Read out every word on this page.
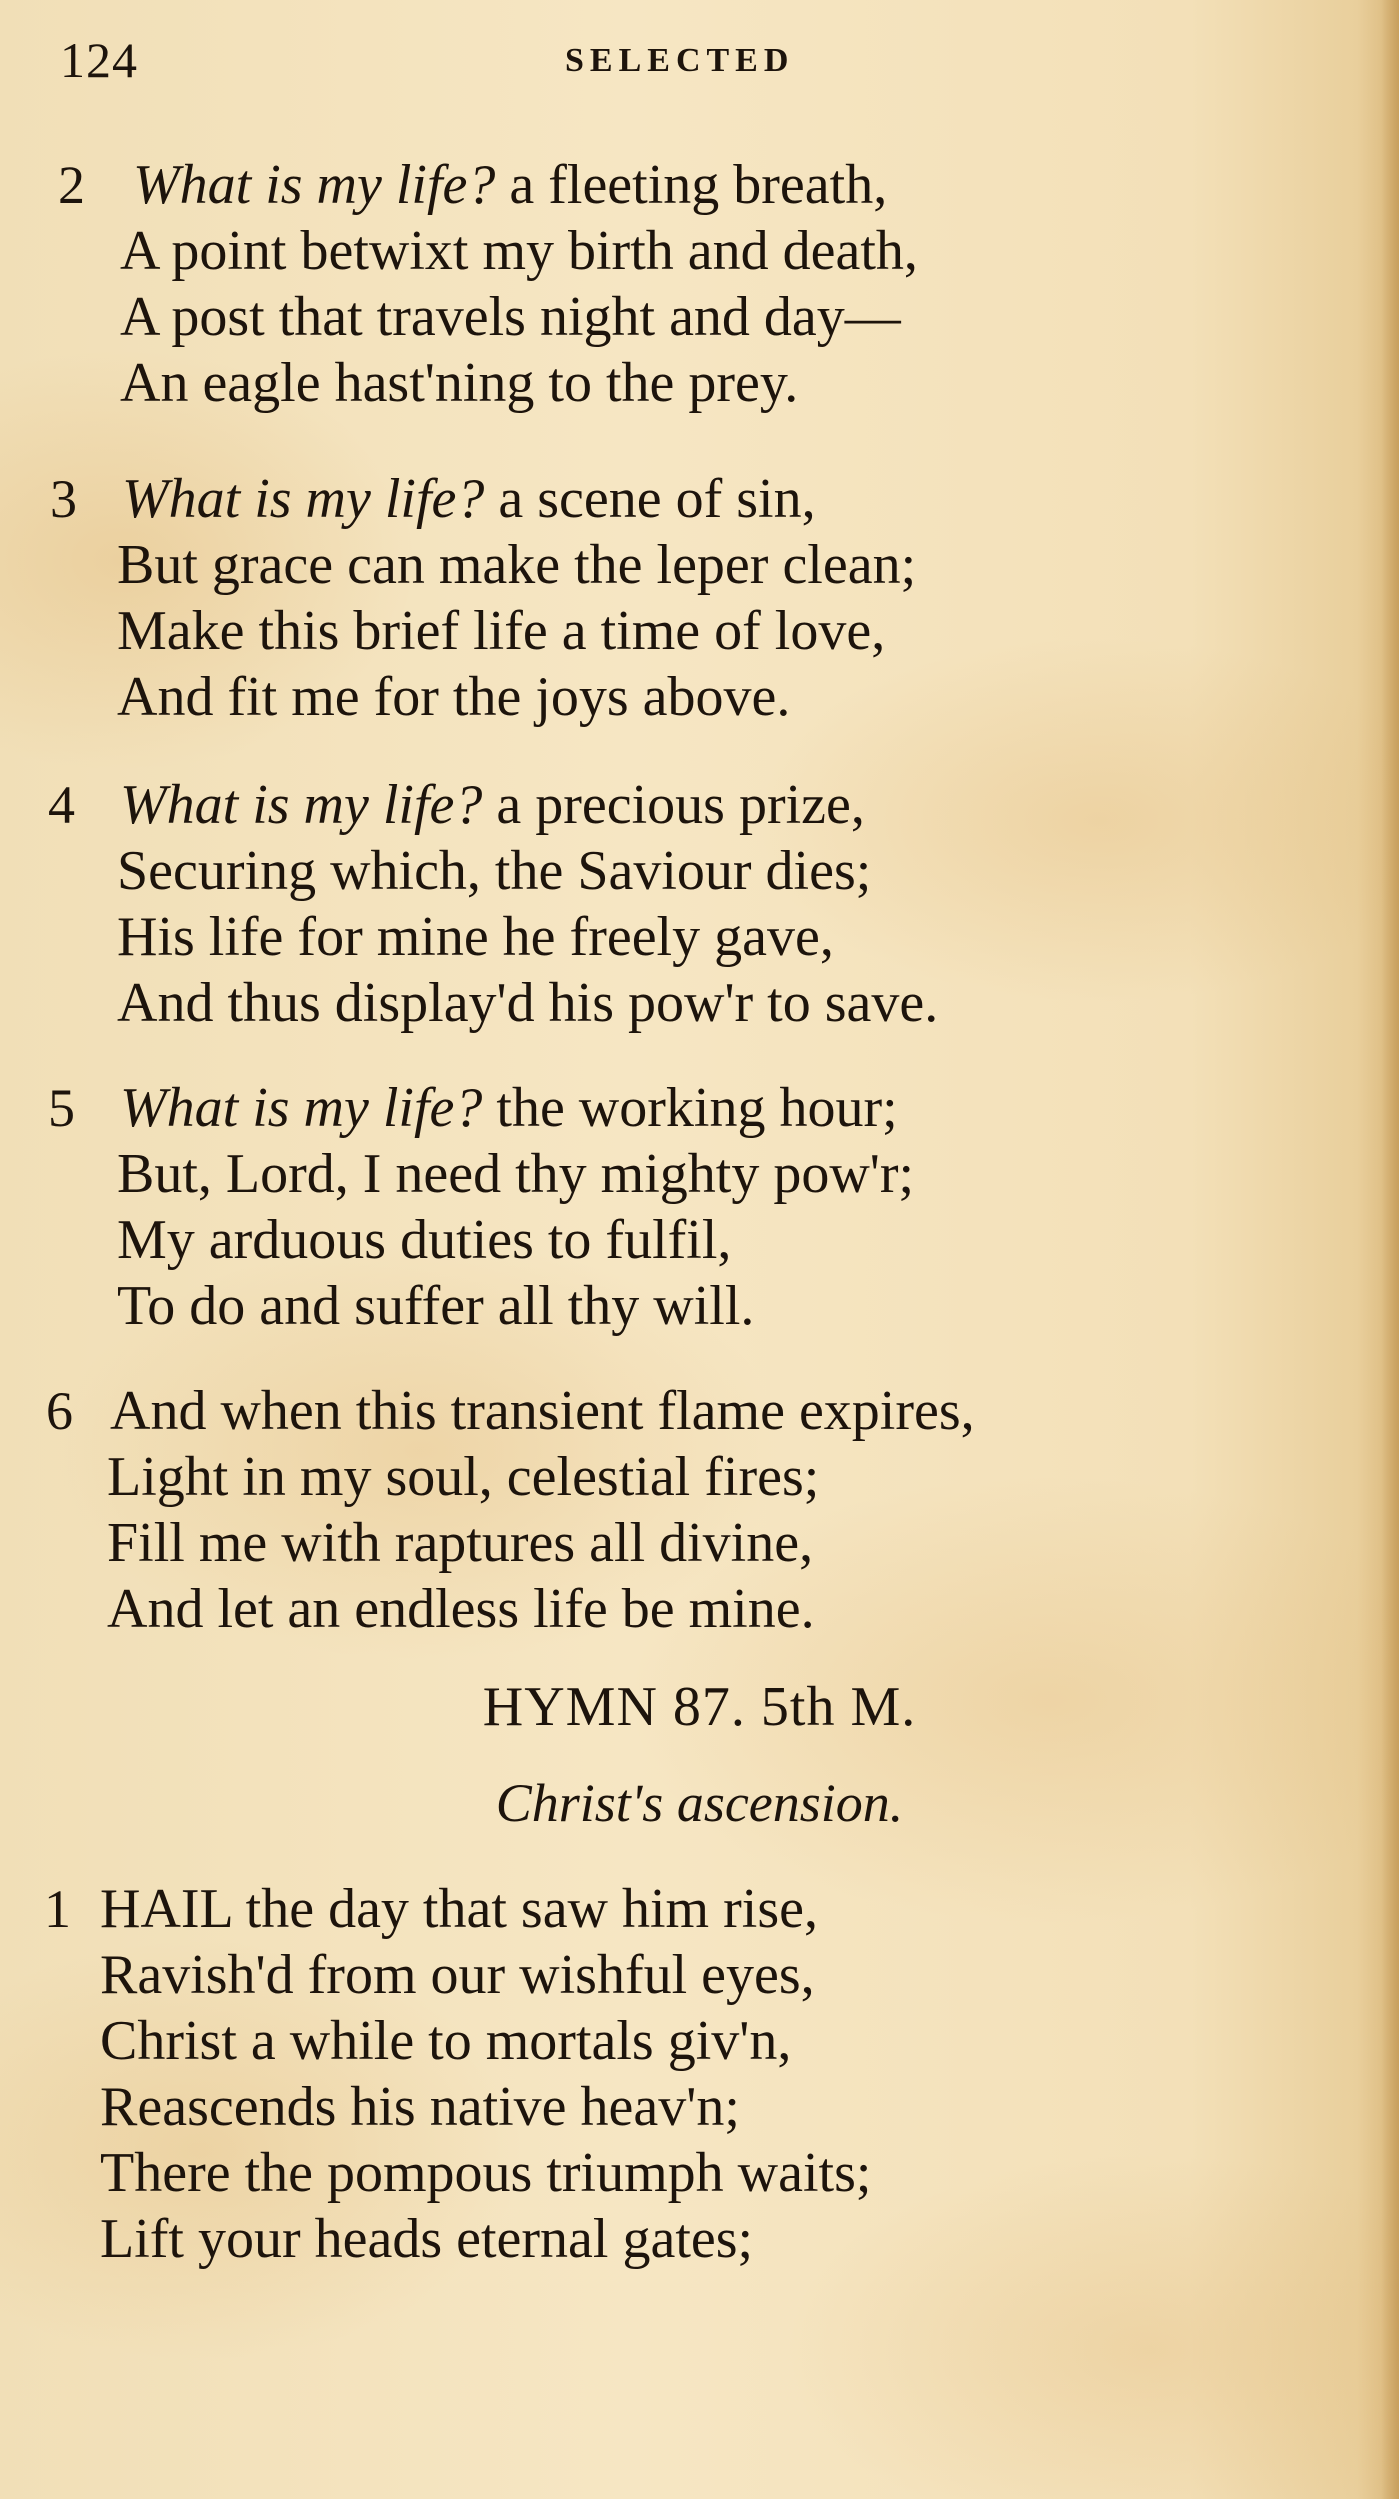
124	SELECTED
2 What is my life? a fleeting breath,
A point betwixt my birth and death,
A post that travels night and day—
An eagle hast'ning to the prey.
3 What is my life? a scene of sin,
But grace can make the leper clean;
Make this brief life a time of love,
And fit me for the joys above.
4 What is my life? a precious prize,
Securing which, the Saviour dies;
His life for mine he freely gave,
And thus display'd his pow'r to save.
5 What is my life? the working hour;
But, Lord, I need thy mighty pow'r;
My arduous duties to fulfil,
To do and suffer all thy will.
6 And when this transient flame expires,
Light in my soul, celestial fires;
Fill me with raptures all divine,
And let an endless life be mine.
HYMN 87. 5th M.
Christ's ascension.
1 HAIL the day that saw him rise,
Ravish'd from our wishful eyes,
Christ a while to mortals giv'n,
Reascends his native heav'n;
There the pompous triumph waits;
Lift your heads eternal gates;
